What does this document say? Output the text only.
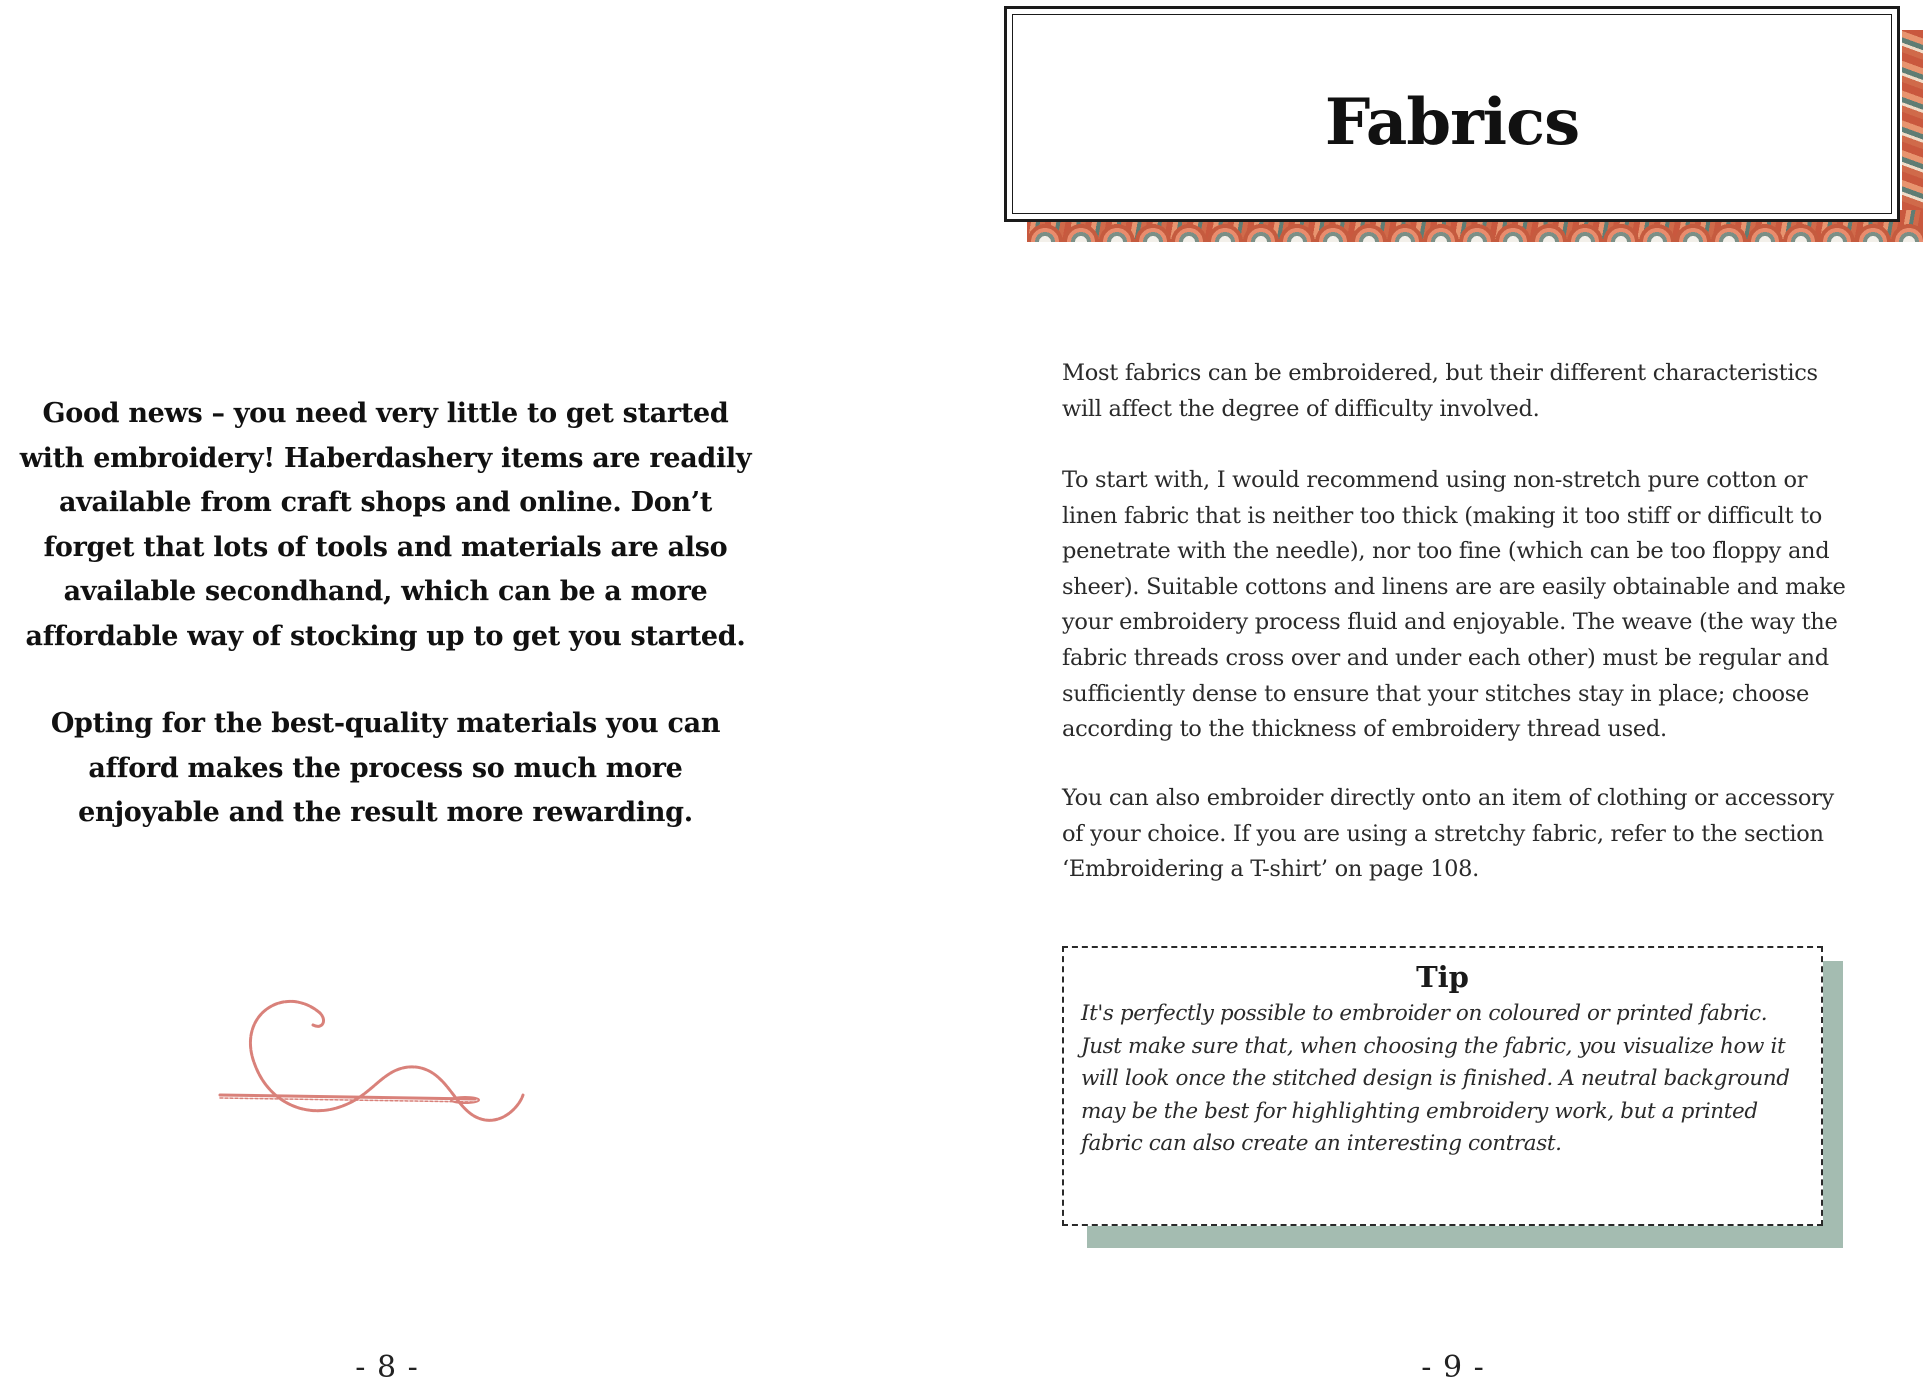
Good news – you need very little to get started with embroidery! Haberdashery items are readily available from craft shops and online. Don’t forget that lots of tools and materials are also available secondhand, which can be a more affordable way of stocking up to get you started.

Opting for the best-quality materials you can afford makes the process so much more enjoyable and the result more rewarding.

- 8 -
Fabrics

Most fabrics can be embroidered, but their different characteristics will affect the degree of difficulty involved.

To start with, I would recommend using non-stretch pure cotton or linen fabric that is neither too thick (making it too stiff or difficult to penetrate with the needle), nor too fine (which can be too floppy and sheer). Suitable cottons and linens are are easily obtainable and make your embroidery process fluid and enjoyable. The weave (the way the fabric threads cross over and under each other) must be regular and sufficiently dense to ensure that your stitches stay in place; choose according to the thickness of embroidery thread used.

You can also embroider directly onto an item of clothing or accessory of your choice. If you are using a stretchy fabric, refer to the section ‘Embroidering a T-shirt’ on page 108.

Tip

It's perfectly possible to embroider on coloured or printed fabric. Just make sure that, when choosing the fabric, you visualize how it will look once the stitched design is finished. A neutral background may be the best for highlighting embroidery work, but a printed fabric can also create an interesting contrast.

- 9 -
